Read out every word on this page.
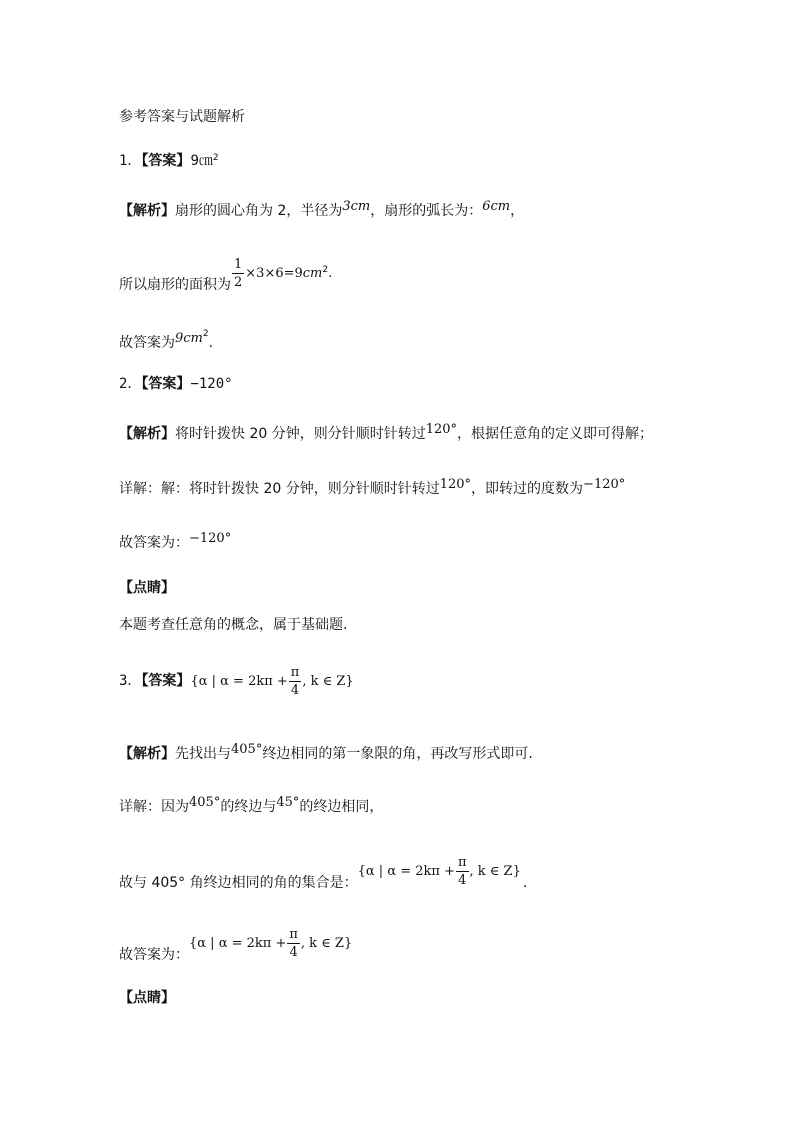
参考答案与试题解析
1．【答案】9㎝$^2$
【解析】扇形的圆心角为 2，半径为3cm，扇形的弧长为：6cm，
所以扇形的面积为 $\frac{1}{2} \times 3\times 6=9cm^2$.
故答案为$9cm^2$.
2．【答案】−120°
【解析】将时针拨快 20 分钟，则分针顺时针转过120°，根据任意角的定义即可得解；
详解：解：将时针拨快 20 分钟，则分针顺时针转过120°，即转过的度数为−120°
故答案为：−120°
【点睛】
本题考查任意角的概念，属于基础题.
3．【答案】{α | $\alpha = 2k\pi + \frac{\pi}{4}$ , k ∈ Z}
【解析】先找出与405°终边相同的第一象限的角，再改写形式即可.
详解：因为405°的终边与45°的终边相同，
故与 405° 角终边相同的角的集合是：{α | $\alpha = 2k\pi + \frac{\pi}{4}$ , k ∈ Z}.
故答案为：{α | $\alpha = 2k\pi + \frac{\pi}{4}$ , k ∈ Z}
【点睛】
